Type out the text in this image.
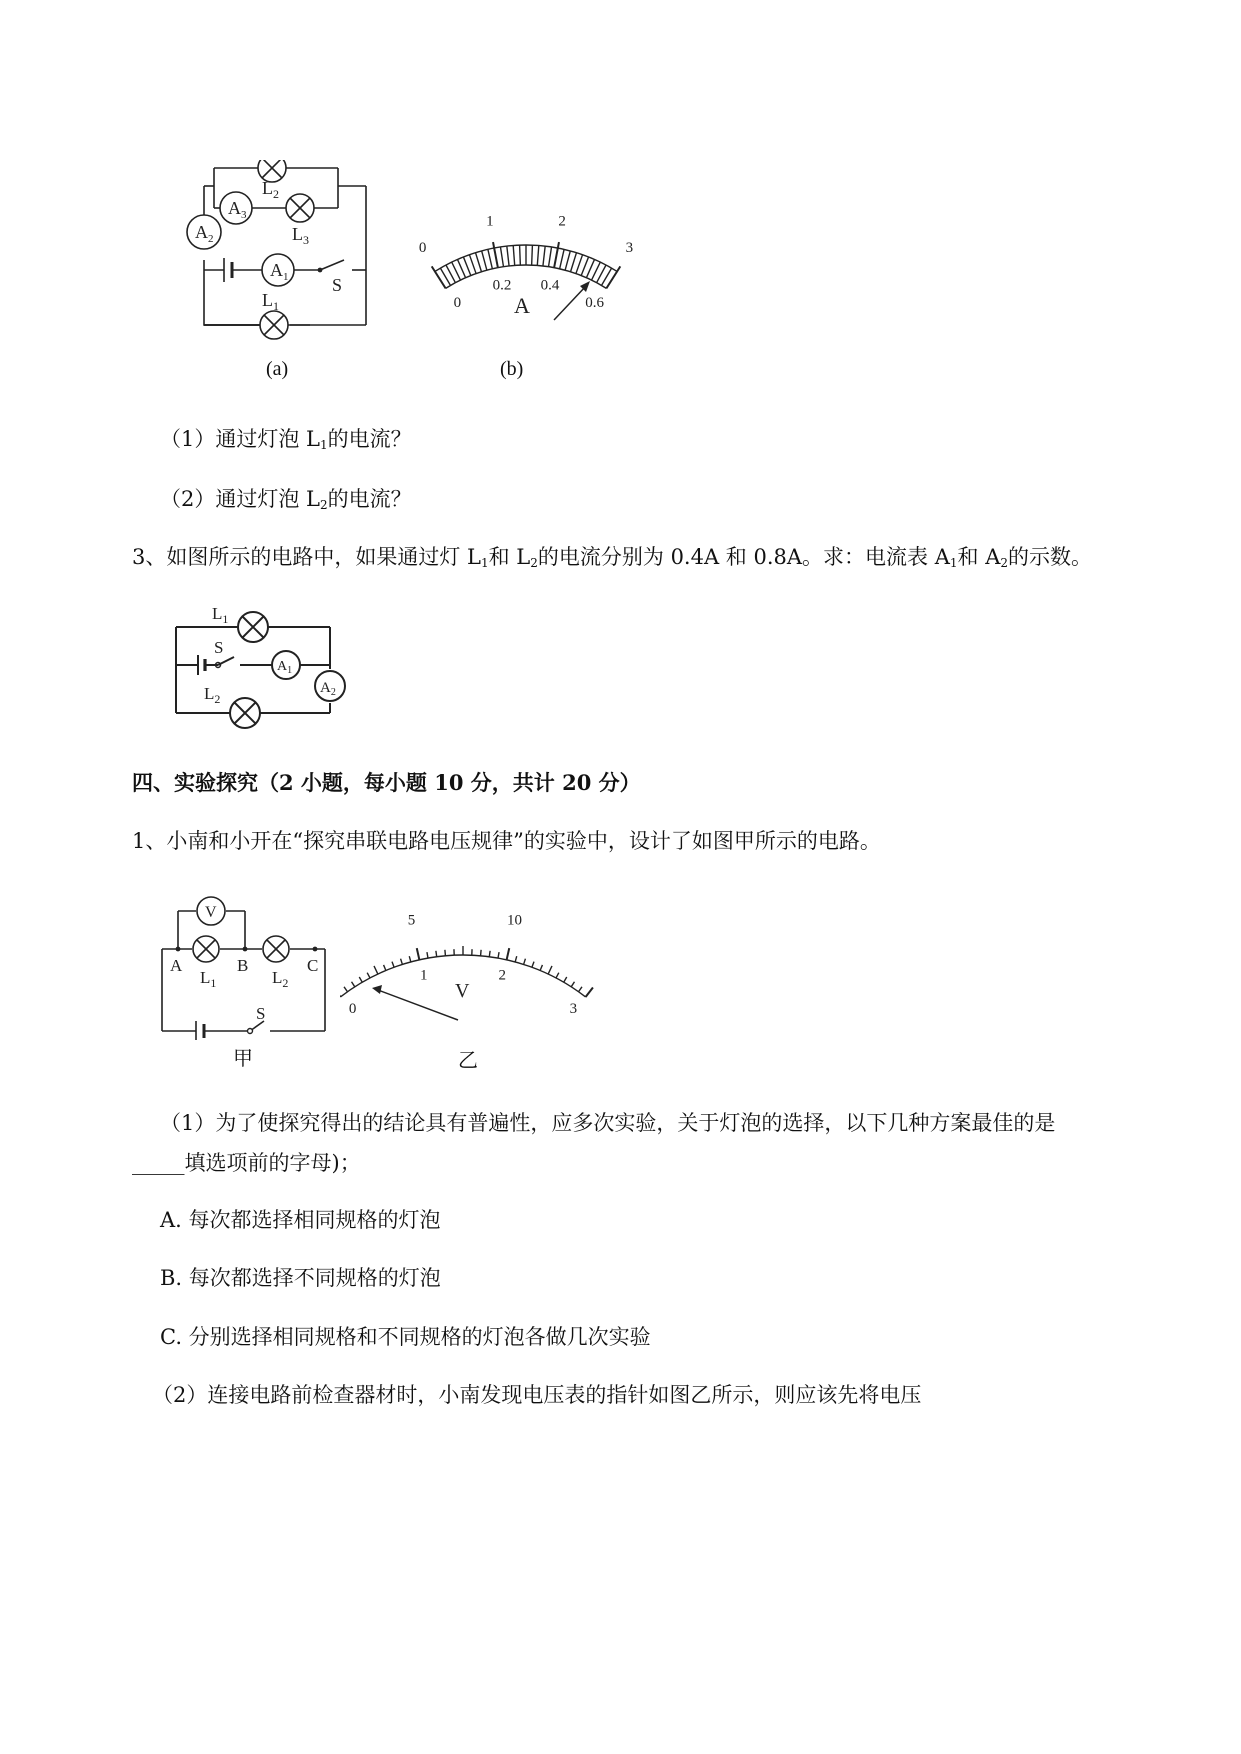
$L_2$
$A_3$
$L_3$
$A_2$
$A_1$ S
$L_1$
(a)
0
1	2
3
0
0.2 0.4
0.6
A
(b)
（1）通过灯泡 $L_1$的电流？
（2）通过灯泡 $L_2$的电流？
3、如图所示的电路中，如果通过灯 $L_1$和 $L_2$的电流分别为 0.4A 和 0.8A。求：电流表 $A_1$和 $A_2$的示数。
$L_1$
S
$A_1$
$A_2$
$L_2$
四、实验探究（2 小题，每小题 10 分，共计 20 分）
1、小南和小开在“探究串联电路电压规律”的实验中，设计了如图甲所示的电路。
V
A	B	C
$L_1$	$L_2$
S
甲
5	10
0
1	2
3
V
乙
（1）为了使探究得出的结论具有普遍性，应多次实验，关于灯泡的选择，以下几种方案最佳的是
_____填选项前的字母)；
A. 每次都选择相同规格的灯泡
B. 每次都选择不同规格的灯泡
C. 分别选择相同规格和不同规格的灯泡各做几次实验
（2）连接电路前检查器材时，小南发现电压表的指针如图乙所示，则应该先将电压
